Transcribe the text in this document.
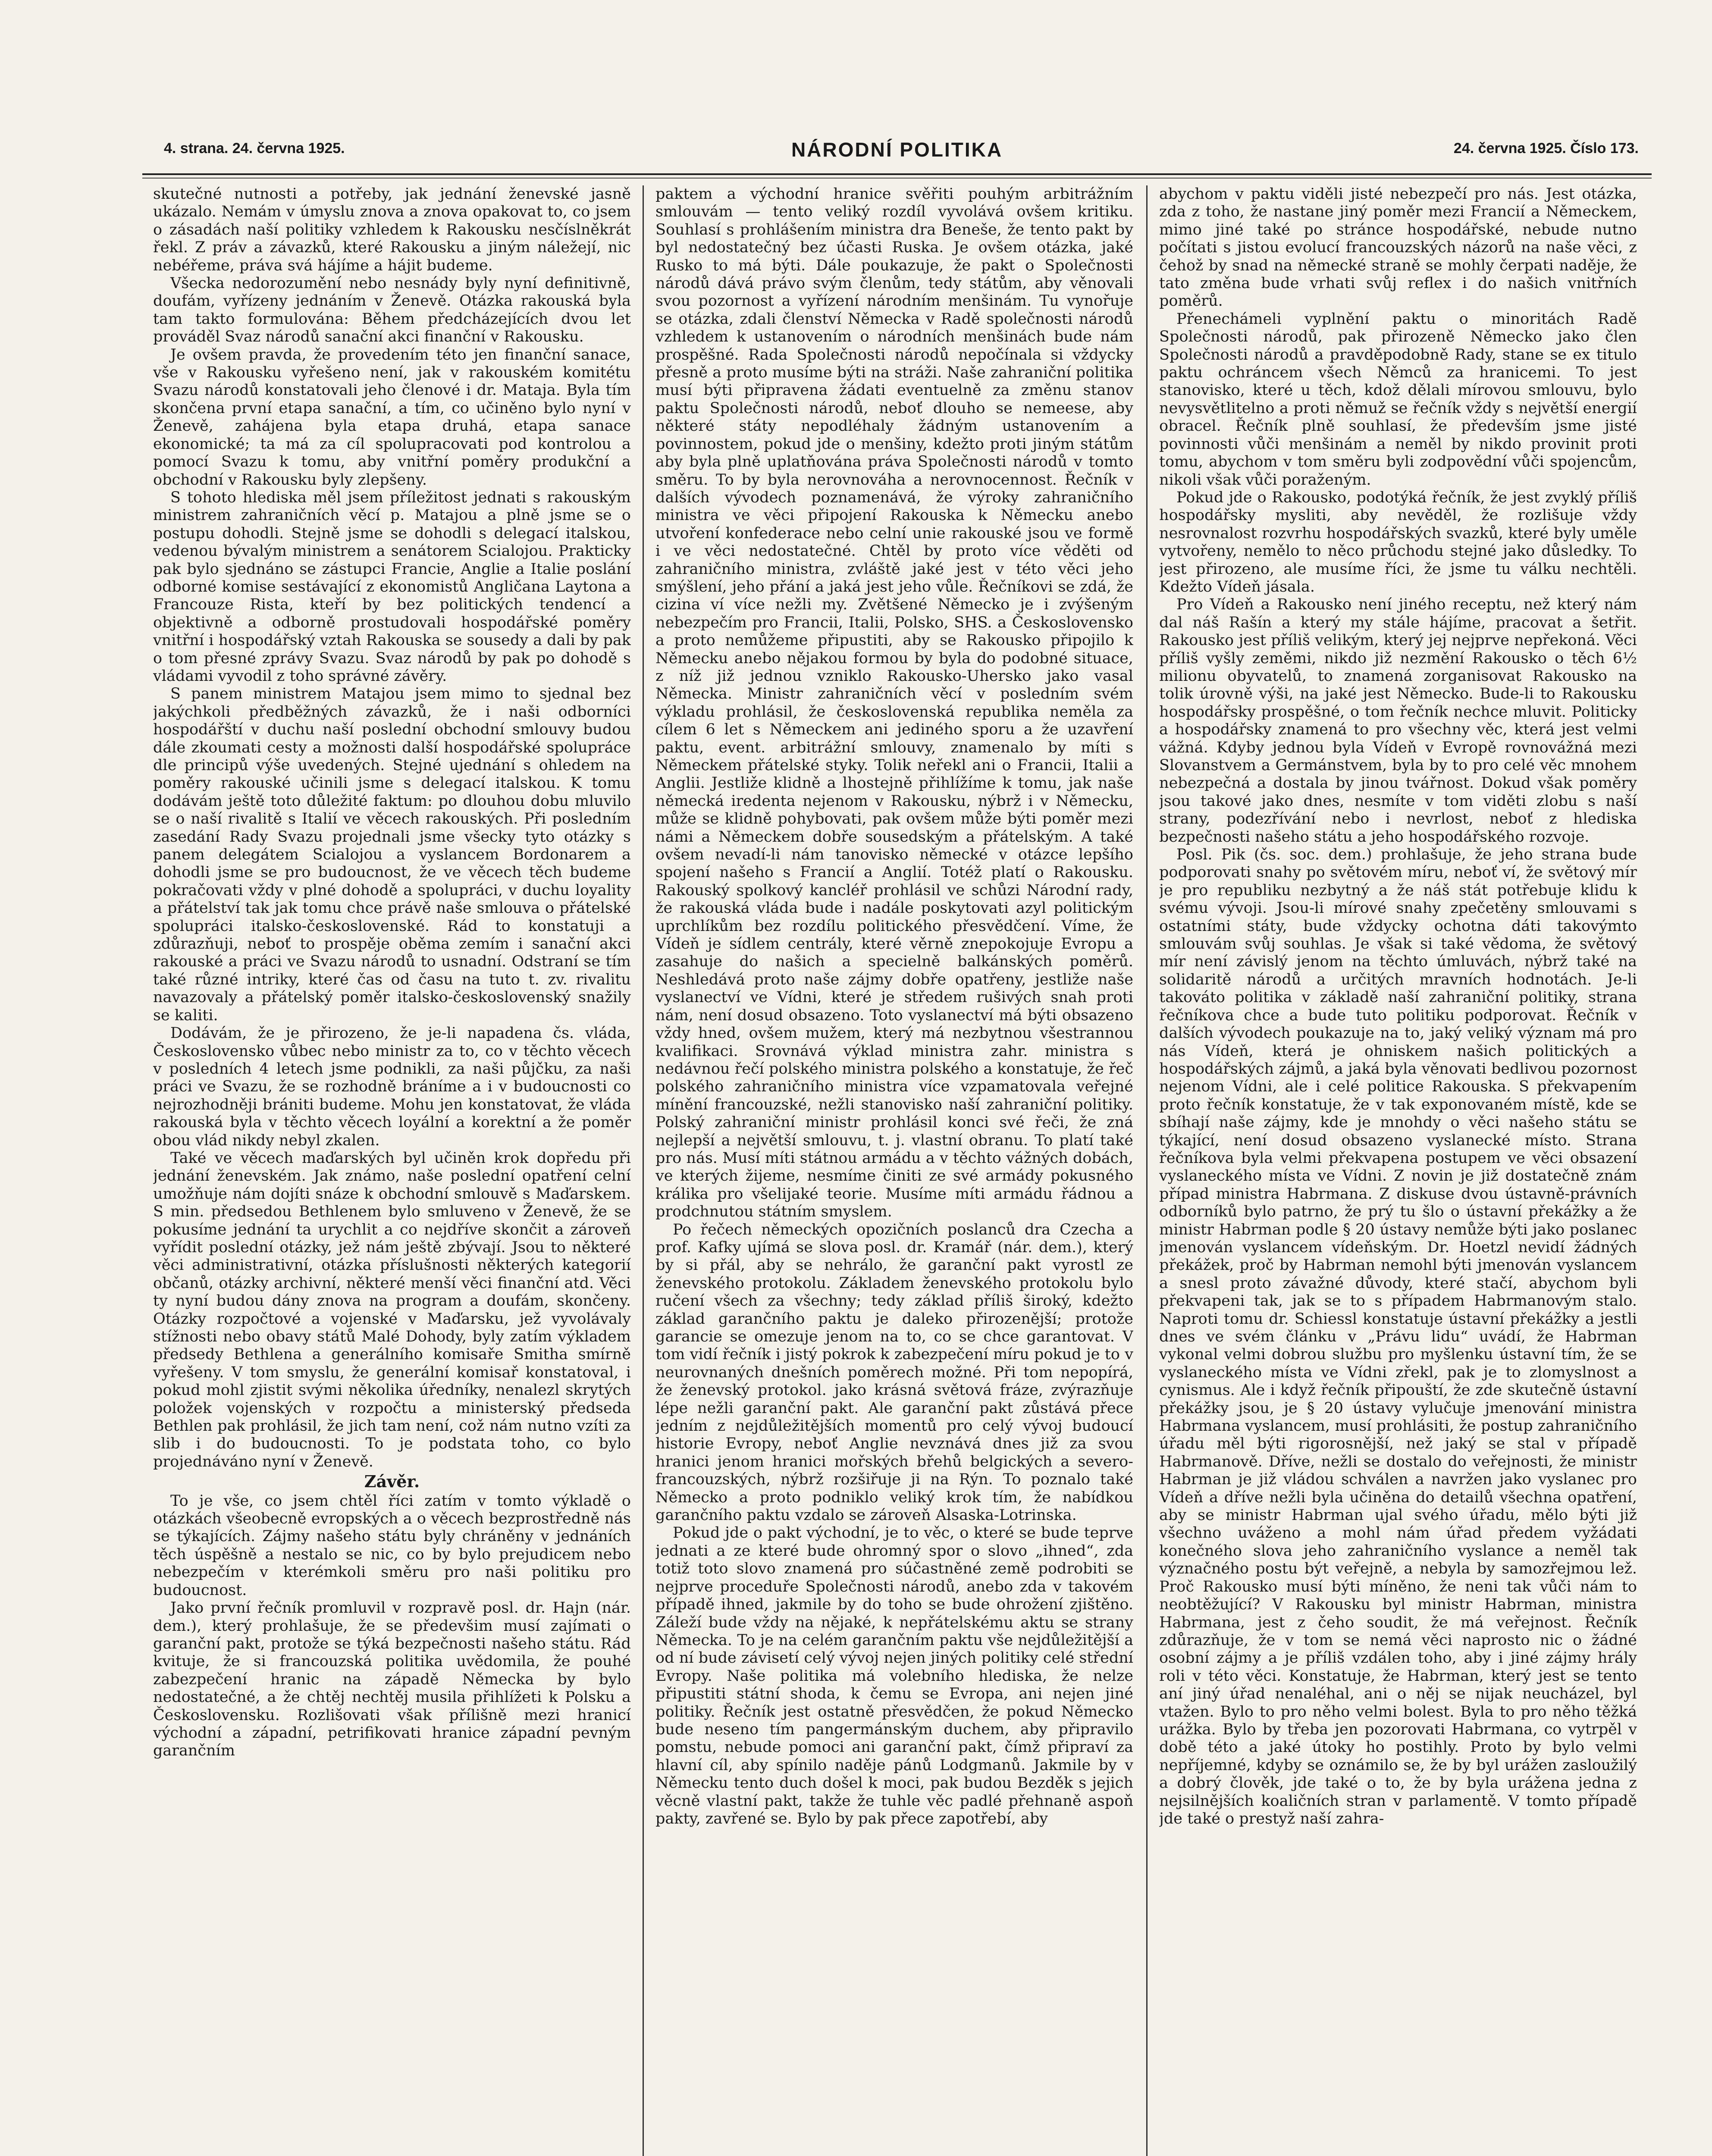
4. strana. 24. června 1925.	NÁRODNÍ POLITIKA	24. června 1925. Číslo 173.

skutečné nutnosti a potřeby, jak jednání ženevské jasně ukázalo. Nemám v úmyslu znova a znova opakovat to, co jsem o zásadách naší politiky vzhledem k Rakousku nesčíslněkrát řekl. Z práv a závazků, které Rakousku a jiným náležejí, nic nebéřeme, práva svá hájíme a hájit budeme.

Všecka nedorozumění nebo nesnády byly nyní definitivně, doufám, vyřízeny jednáním v Ženevě. Otázka rakouská byla tam takto formulována: Během předcházejících dvou let prováděl Svaz národů sanační akci finanční v Rakousku.

Je ovšem pravda, že provedením této jen finanční sanace, vše v Rakousku vyřešeno není, jak v rakouském komitétu Svazu národů konstatovali jeho členové i dr. Mataja. Byla tím skončena první etapa sanační, a tím, co učiněno bylo nyní v Ženevě, zahájena byla etapa druhá, etapa sanace ekonomické; ta má za cíl spolupracovati pod kontrolou a pomocí Svazu k tomu, aby vnitřní poměry produkční a obchodní v Rakousku byly zlepšeny.

S tohoto hlediska měl jsem příležitost jednati s rakouským ministrem zahraničních věcí p. Matajou a plně jsme se o postupu dohodli. Stejně jsme se dohodli s delegací italskou, vedenou bývalým ministrem a senátorem Scialojou. Prakticky pak bylo sjednáno se zástupci Francie, Anglie a Italie poslání odborné komise sestávající z ekonomistů Angličana Laytona a Francouze Rista, kteří by bez politických tendencí a objektivně a odborně prostudovali hospodářské poměry vnitřní i hospodářský vztah Rakouska se sousedy a dali by pak o tom přesné zprávy Svazu. Svaz národů by pak po dohodě s vládami vyvodil z toho správné závěry.

S panem ministrem Matajou jsem mimo to sjednal bez jakýchkoli předběžných závazků, že i naši odborníci hospodářští v duchu naší poslední obchodní smlouvy budou dále zkoumati cesty a možnosti další hospodářské spolupráce dle principů výše uvedených. Stejné ujednání s ohledem na poměry rakouské učinili jsme s delegací italskou. K tomu dodávám ještě toto důležité faktum: po dlouhou dobu mluvilo se o naší rivalitě s Italií ve věcech rakouských. Při posledním zasedání Rady Svazu projednali jsme všecky tyto otázky s panem delegátem Scialojou a vyslancem Bordonarem a dohodli jsme se pro budoucnost, že ve věcech těch budeme pokračovati vždy v plné dohodě a spolupráci, v duchu loyality a přátelství tak jak tomu chce právě naše smlouva o přátelské spolupráci italsko-československé. Rád to konstatuji a zdůrazňuji, neboť to prospěje oběma zemím i sanační akci rakouské a práci ve Svazu národů to usnadní. Odstraní se tím také různé intriky, které čas od času na tuto t. zv. rivalitu navazovaly a přátelský poměr italsko-československý snažily se kaliti.

Dodávám, že je přirozeno, že je-li napadena čs. vláda, Československo vůbec nebo ministr za to, co v těchto věcech v posledních 4 letech jsme podnikli, za naši půjčku, za naši práci ve Svazu, že se rozhodně bráníme a i v budoucnosti co nejrozhodněji brániti budeme. Mohu jen konstatovat, že vláda rakouská byla v těchto věcech loyální a korektní a že poměr obou vlád nikdy nebyl zkalen.

Také ve věcech maďarských byl učiněn krok dopředu při jednání ženevském. Jak známo, naše poslední opatření celní umožňuje nám dojíti snáze k obchodní smlouvě s Maďarskem. S min. předsedou Bethlenem bylo smluveno v Ženevě, že se pokusíme jednání ta urychlit a co nejdříve skončit a zároveň vyřídit poslední otázky, jež nám ještě zbývají. Jsou to některé věci administrativní, otázka příslušnosti některých kategorií občanů, otázky archivní, některé menší věci finanční atd. Věci ty nyní budou dány znova na program a doufám, skončeny. Otázky rozpočtové a vojenské v Maďarsku, jež vyvolávaly stížnosti nebo obavy států Malé Dohody, byly zatím výkladem předsedy Bethlena a generálního komisaře Smitha smírně vyřešeny. V tom smyslu, že generální komisař konstatoval, i pokud mohl zjistit svými několika úředníky, nenalezl skrytých položek vojenských v rozpočtu a ministerský předseda Bethlen pak prohlásil, že jich tam není, což nám nutno vzíti za slib i do budoucnosti. To je podstata toho, co bylo projednáváno nyní v Ženevě.

Závěr.

To je vše, co jsem chtěl říci zatím v tomto výkladě o otázkách všeobecně evropských a o věcech bezprostředně nás se týkajících. Zájmy našeho státu byly chráněny v jednáních těch úspěšně a nestalo se nic, co by bylo prejudicem nebo nebezpečím v kterémkoli směru pro naši politiku pro budoucnost.

Jako první řečník promluvil v rozpravě posl. dr. Hajn (nár. dem.), který prohlašuje, že se předevšim musí zajímati o garanční pakt, protože se týká bezpečnosti našeho státu. Rád kvituje, že si francouzská politika uvědomila, že pouhé zabezpečení hranic na západě Německa by bylo nedostatečné, a že chtěj nechtěj musila přihlížeti k Polsku a Československu. Rozlišovati však přílišně mezi hranicí východní a západní, petrifikovati hranice západní pevným garančním

paktem a východní hranice svěřiti pouhým arbitrážním smlouvám — tento veliký rozdíl vyvolává ovšem kritiku. Souhlasí s prohlášením ministra dra Beneše, že tento pakt by byl nedostatečný bez účasti Ruska. Je ovšem otázka, jaké Rusko to má býti. Dále poukazuje, že pakt o Společnosti národů dává právo svým členům, tedy státům, aby věnovali svou pozornost a vyřízení národním menšinám. Tu vynořuje se otázka, zdali členství Německa v Radě společnosti národů vzhledem k ustanovením o národních menšinách bude nám prospěšné. Rada Společnosti národů nepočínala si vždycky přesně a proto musíme býti na stráži. Naše zahraniční politika musí býti připravena žádati eventuelně za změnu stanov paktu Společnosti národů, neboť dlouho se nemeese, aby některé státy nepodléhaly žádným ustanovením a povinnostem, pokud jde o menšiny, kdežto proti jiným státům aby byla plně uplatňována práva Společnosti národů v tomto směru. To by byla nerovnováha a nerovnocennost. Řečník v dalších vývodech poznamenává, že výroky zahraničního ministra ve věci připojení Rakouska k Německu anebo utvoření konfederace nebo celní unie rakouské jsou ve formě i ve věci nedostatečné. Chtěl by proto více věděti od zahraničního ministra, zvláště jaké jest v této věci jeho smýšlení, jeho přání a jaká jest jeho vůle. Řečníkovi se zdá, že cizina ví více nežli my. Zvětšené Německo je i zvýšeným nebezpečím pro Francii, Italii, Polsko, SHS. a Československo a proto nemůžeme připustiti, aby se Rakousko připojilo k Německu anebo nějakou formou by byla do podobné situace, z níž již jednou vzniklo Rakousko-Uhersko jako vasal Německa. Ministr zahraničních věcí v posledním svém výkladu prohlásil, že československá republika neměla za cílem 6 let s Německem ani jediného sporu a že uzavření paktu, event. arbitrážní smlouvy, znamenalo by míti s Německem přátelské styky. Tolik neřekl ani o Francii, Italii a Anglii. Jestliže klidně a lhostejně přihlížíme k tomu, jak naše německá iredenta nejenom v Rakousku, nýbrž i v Německu, může se klidně pohybovati, pak ovšem může býti poměr mezi námi a Německem dobře sousedským a přátelským. A také ovšem nevadí-li nám tanovisko německé v otázce lepšího spojení našeho s Francií a Anglií. Totéž platí o Rakousku. Rakouský spolkový kancléř prohlásil ve schůzi Národní rady, že rakouská vláda bude i nadále poskytovati azyl politickým uprchlíkům bez rozdílu politického přesvědčení. Víme, že Vídeň je sídlem centrály, které věrně znepokojuje Evropu a zasahuje do našich a specielně balkánských poměrů. Neshledává proto naše zájmy dobře opatřeny, jestliže naše vyslanectví ve Vídni, které je středem rušivých snah proti nám, není dosud obsazeno. Toto vyslanectví má býti obsazeno vždy hned, ovšem mužem, který má nezbytnou všestrannou kvalifikaci. Srovnává výklad ministra zahr. ministra s nedávnou řečí polského ministra polského a konstatuje, že řeč polského zahraničního ministra více vzpamatovala veřejné mínění francouzské, nežli stanovisko naší zahraniční politiky. Polský zahraniční ministr prohlásil konci své řeči, že zná nejlepší a největší smlouvu, t. j. vlastní obranu. To platí také pro nás. Musí míti státnou armádu a v těchto vážných dobách, ve kterých žijeme, nesmíme činiti ze své armády pokusného králika pro všelijaké teorie. Musíme míti armádu řádnou a prodchnutou státním smyslem.

Po řečech německých opozičních poslanců dra Czecha a prof. Kafky ujímá se slova posl. dr. Kramář (nár. dem.), který by si přál, aby se nehrálo, že garanční pakt vyrostl ze ženevského protokolu. Základem ženevského protokolu bylo ručení všech za všechny; tedy základ příliš široký, kdežto základ garančního paktu je daleko přirozenější; protože garancie se omezuje jenom na to, co se chce garantovat. V tom vidí řečník i jistý pokrok k zabezpečení míru pokud je to v neurovnaných dnešních poměrech možné. Při tom nepopírá, že ženevský protokol. jako krásná světová fráze, zvýrazňuje lépe nežli garanční pakt. Ale garanční pakt zůstává přece jedním z nejdůležitějších momentů pro celý vývoj budoucí historie Evropy, neboť Anglie nevznává dnes již za svou hranici jenom hranici mořských břehů belgických a severo-francouzských, nýbrž rozšiřuje ji na Rýn. To poznalo také Německo a proto podniklo veliký krok tím, že nabídkou garančního paktu vzdalo se zároveň Alsaska-Lotrinska.

Pokud jde o pakt východní, je to věc, o které se bude teprve jednati a ze které bude ohromný spor o slovo „ihned“, zda totiž toto slovo znamená pro súčastněné země podrobiti se nejprve proceduře Společnosti národů, anebo zda v takovém případě ihned, jakmile by do toho se bude ohrožení zjištěno. Záleží bude vždy na nějaké, k nepřátelskému aktu se strany Německa. To je na celém garančním paktu vše nejdůležitější a od ní bude závisetí celý vývoj nejen jiných politiky celé střední Evropy. Naše politika má volebního hlediska, že nelze připustiti státní shoda, k čemu se Evropa, ani nejen jiné politiky. Řečník jest ostatně přesvědčen, že pokud Německo bude neseno tím pangermánským duchem, aby připravilo pomstu, nebude pomoci ani garanční pakt, čímž připraví za hlavní cíl, aby spínilo naděje pánů Lodgmanů. Jakmile by v Německu tento duch došel k moci, pak budou Bezděk s jejich věcně vlastní pakt, takže že tuhle věc padlé přehnaně aspoň pakty, zavřené se. Bylo by pak přece zapotřebí, aby

abychom v paktu viděli jisté nebezpečí pro nás. Jest otázka, zda z toho, že nastane jiný poměr mezi Francií a Německem, mimo jiné také po stránce hospodářské, nebude nutno počítati s jistou evolucí francouzských názorů na naše věci, z čehož by snad na německé straně se mohly čerpati naděje, že tato změna bude vrhati svůj reflex i do našich vnitřních poměrů.

Přenechámeli vyplnění paktu o minoritách Radě Společnosti národů, pak přirozeně Německo jako člen Společnosti národů a pravděpodobně Rady, stane se ex titulo paktu ochráncem všech Němců za hranicemi. To jest stanovisko, které u těch, kdož dělali mírovou smlouvu, bylo nevysvětlitelno a proti němuž se řečník vždy s největší energií obracel. Řečník plně souhlasí, že především jsme jisté povinnosti vůči menšinám a neměl by nikdo provinit proti tomu, abychom v tom směru byli zodpovědní vůči spojencům, nikoli však vůči poraženým.

Pokud jde o Rakousko, podotýká řečník, že jest zvyklý příliš hospodářsky mysliti, aby nevěděl, že rozlišuje vždy nesrovnalost rozvrhu hospodářských svazků, které byly uměle vytvořeny, nemělo to něco průchodu stejné jako důsledky. To jest přirozeno, ale musíme říci, že jsme tu válku nechtěli. Kdežto Vídeň jásala.

Pro Vídeň a Rakousko není jiného receptu, než který nám dal náš Rašín a který my stále hájíme, pracovat a šetřit. Rakousko jest příliš velikým, který jej nejprve nepřekoná. Věci příliš vyšly zeměmi, nikdo již nezmění Rakousko o těch 6½ milionu obyvatelů, to znamená zorganisovat Rakousko na tolik úrovně výši, na jaké jest Německo. Bude-li to Rakousku hospodářsky prospěšné, o tom řečník nechce mluvit. Politicky a hospodářsky znamená to pro všechny věc, která jest velmi vážná. Kdyby jednou byla Vídeň v Evropě rovnovážná mezi Slovanstvem a Germánstvem, byla by to pro celé věc mnohem nebezpečná a dostala by jinou tvářnost. Dokud však poměry jsou takové jako dnes, nesmíte v tom viděti zlobu s naší strany, podezřívání nebo i nevrlost, neboť z hlediska bezpečnosti našeho státu a jeho hospodářského rozvoje.

Posl. Pik (čs. soc. dem.) prohlašuje, že jeho strana bude podporovati snahy po světovém míru, neboť ví, že světový mír je pro republiku nezbytný a že náš stát potřebuje klidu k svému vývoji. Jsou-li mírové snahy zpečetěny smlouvami s ostatními státy, bude vždycky ochotna dáti takovýmto smlouvám svůj souhlas. Je však si také vědoma, že světový mír není závislý jenom na těchto úmluvách, nýbrž také na solidaritě národů a určitých mravních hodnotách. Je-li takováto politika v základě naší zahraniční politiky, strana řečníkova chce a bude tuto politiku podporovat. Řečník v dalších vývodech poukazuje na to, jaký veliký význam má pro nás Vídeň, která je ohniskem našich politických a hospodářských zájmů, a jaká byla věnovati bedlivou pozornost nejenom Vídni, ale i celé politice Rakouska. S překvapením proto řečník konstatuje, že v tak exponovaném místě, kde se sbíhají naše zájmy, kde je mnohdy o věci našeho státu se týkající, není dosud obsazeno vyslanecké místo. Strana řečníkova byla velmi překvapena postupem ve věci obsazení vyslaneckého místa ve Vídni. Z novin je již dostatečně znám případ ministra Habrmana. Z diskuse dvou ústavně-právních odborníků bylo patrno, že prý tu šlo o ústavní překážky a že ministr Habrman podle § 20 ústavy nemůže býti jako poslanec jmenován vyslancem vídeňským. Dr. Hoetzl nevidí žádných překážek, proč by Habrman nemohl býti jmenován vyslancem a snesl proto závažné důvody, které stačí, abychom byli překvapeni tak, jak se to s případem Habrmanovým stalo. Naproti tomu dr. Schiessl konstatuje ústavní překážky a jestli dnes ve svém článku v „Právu lidu“ uvádí, že Habrman vykonal velmi dobrou službu pro myšlenku ústavní tím, že se vyslaneckého místa ve Vídni zřekl, pak je to zlomyslnost a cynismus. Ale i když řečník připouští, že zde skutečně ústavní překážky jsou, je § 20 ústavy vylučuje jmenování ministra Habrmana vyslancem, musí prohlásiti, že postup zahraničního úřadu měl býti rigorosnější, než jaký se stal v případě Habrmanově. Dříve, nežli se dostalo do veřejnosti, že ministr Habrman je již vládou schválen a navržen jako vyslanec pro Vídeň a dříve nežli byla učiněna do detailů všechna opatření, aby se ministr Habrman ujal svého úřadu, mělo býti již všechno uváženo a mohl nám úřad předem vyžádati konečného slova jeho zahraničního vyslance a neměl tak význačného postu být veřejně, a nebyla by samozřejmou lež. Proč Rakousko musí býti míněno, že neni tak vůči nám to neobtěžující? V Rakousku byl ministr Habrman, ministra Habrmana, jest z čeho soudit, že má veřejnost. Řečník zdůrazňuje, že v tom se nemá věci naprosto nic o žádné osobní zájmy a je příliš vzdálen toho, aby i jiné zájmy hrály roli v této věci. Konstatuje, že Habrman, který jest se tento aní jiný úřad nenaléhal, ani o něj se nijak neucházel, byl vtažen. Bylo to pro něho velmi bolest. Byla to pro něho těžká urážka. Bylo by třeba jen pozorovati Habrmana, co vytrpěl v době této a jaké útoky ho postihly. Proto by bylo velmi nepříjemné, kdyby se oznámilo se, že by byl urážen zasloužilý a dobrý člověk, jde také o to, že by byla urážena jedna z nejsilnějších koaličních stran v parlamentě. V tomto případě jde také o prestyž naší zahra-
